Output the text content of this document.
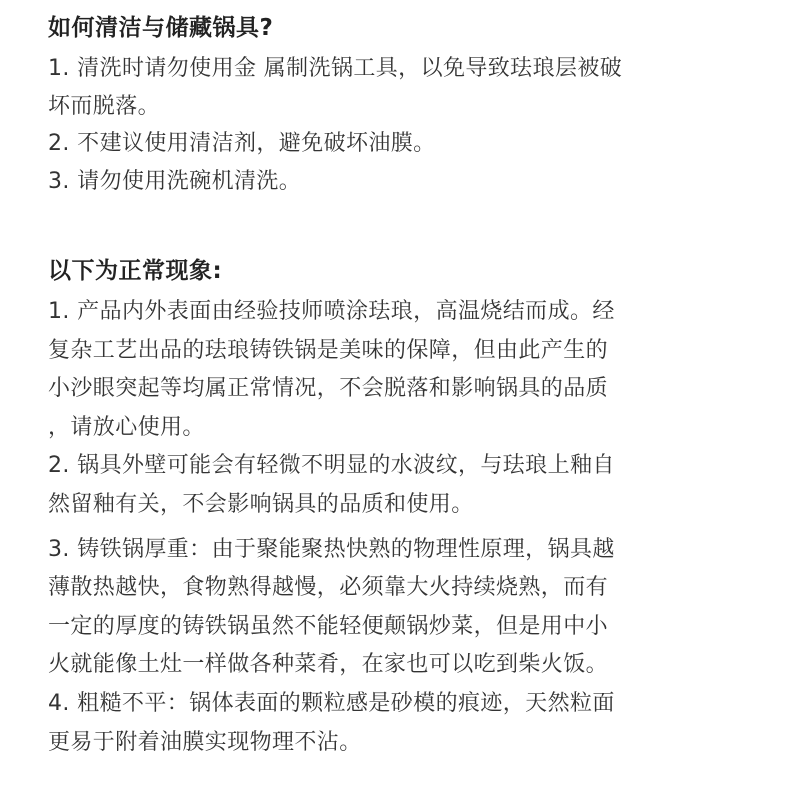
如何清洁与储藏锅具?
1. 清洗时请勿使用金 属制洗锅工具，以免导致珐琅层被破
坏而脱落。
2. 不建议使用清洁剂，避免破坏油膜。
3. 请勿使用洗碗机清洗。
以下为正常现象:
1. 产品内外表面由经验技师喷涂珐琅，高温烧结而成。经
复杂工艺出品的珐琅铸铁锅是美味的保障，但由此产生的
小沙眼突起等均属正常情况，不会脱落和影响锅具的品质
，请放心使用。
2. 锅具外壁可能会有轻微不明显的水波纹，与珐琅上釉自
然留釉有关，不会影响锅具的品质和使用。
3. 铸铁锅厚重：由于聚能聚热快熟的物理性原理，锅具越
薄散热越快，食物熟得越慢，必须靠大火持续烧熟，而有
一定的厚度的铸铁锅虽然不能轻便颠锅炒菜，但是用中小
火就能像土灶一样做各种菜肴，在家也可以吃到柴火饭。
4. 粗糙不平：锅体表面的颗粒感是砂模的痕迹，天然粒面
更易于附着油膜实现物理不沾。
